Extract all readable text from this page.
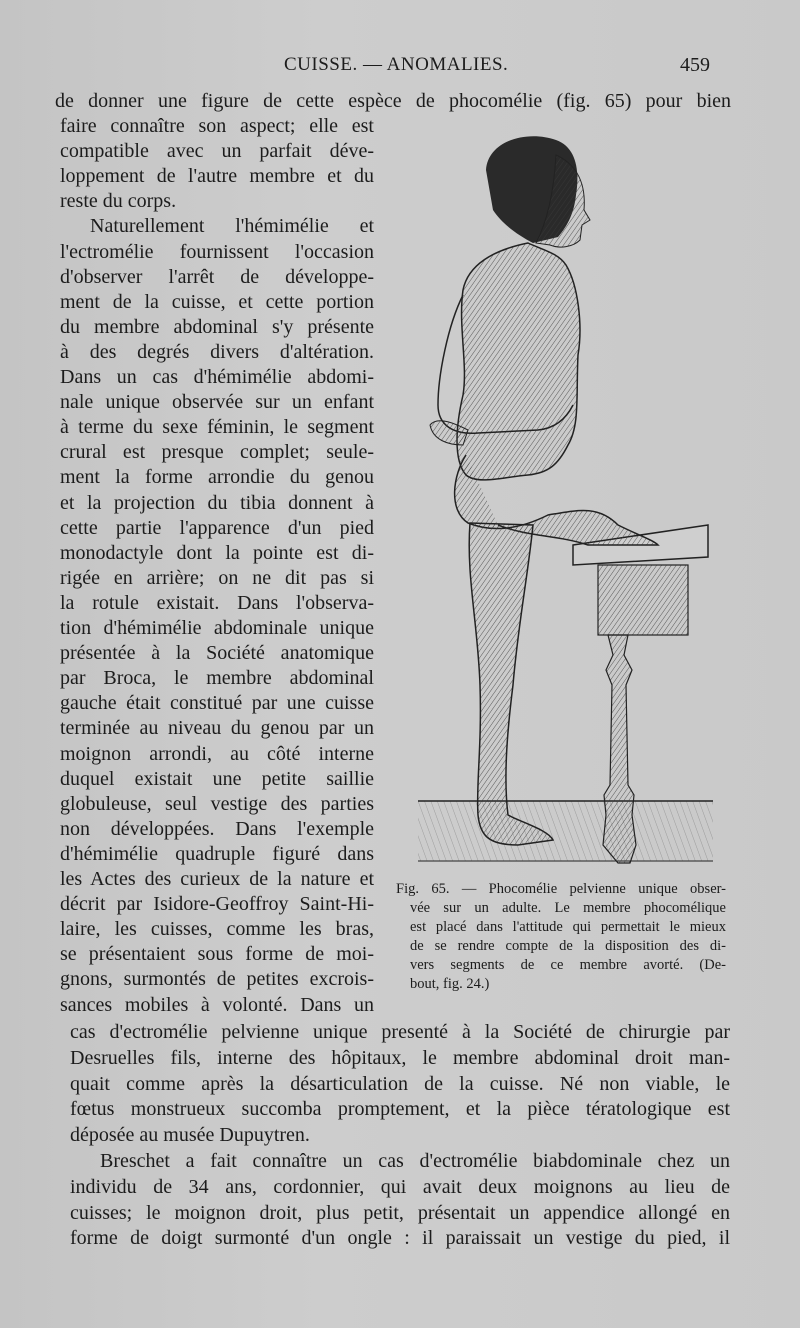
CUISSE. — ANOMALIES.	459
de donner une figure de cette espèce de phocomélie (fig. 65) pour bien
faire connaître son aspect; elle est
compatible avec un parfait déve-
loppement de l'autre membre et du
reste du corps.
Naturellement l'hémimélie et
l'ectromélie fournissent l'occasion
d'observer l'arrêt de développe-
ment de la cuisse, et cette portion
du membre abdominal s'y présente
à des degrés divers d'altération.
Dans un cas d'hémimélie abdomi-
nale unique observée sur un enfant
à terme du sexe féminin, le segment
crural est presque complet; seule-
ment la forme arrondie du genou
et la projection du tibia donnent à
cette partie l'apparence d'un pied
monodactyle dont la pointe est di-
rigée en arrière; on ne dit pas si
la rotule existait. Dans l'observa-
tion d'hémimélie abdominale unique
présentée à la Société anatomique
par Broca, le membre abdominal
gauche était constitué par une cuisse
terminée au niveau du genou par un
moignon arrondi, au côté interne
duquel existait une petite saillie
globuleuse, seul vestige des parties
non développées. Dans l'exemple
d'hémimélie quadruple figuré dans
les Actes des curieux de la nature et
décrit par Isidore-Geoffroy Saint-Hi-
laire, les cuisses, comme les bras,
se présentaient sous forme de moi-
gnons, surmontés de petites excrois-
sances mobiles à volonté. Dans un
Fig. 65. — Phocomélie pelvienne unique obser-
vée sur un adulte. Le membre phocomélique
est placé dans l'attitude qui permettait le mieux
de se rendre compte de la disposition des di-
vers segments de ce membre avorté. (De-
bout, fig. 24.)
cas d'ectromélie pelvienne unique presenté à la Société de chirurgie par
Desruelles fils, interne des hôpitaux, le membre abdominal droit man-
quait comme après la désarticulation de la cuisse. Né non viable, le
fœtus monstrueux succomba promptement, et la pièce tératologique est
déposée au musée Dupuytren.
Breschet a fait connaître un cas d'ectromélie biabdominale chez un
individu de 34 ans, cordonnier, qui avait deux moignons au lieu de
cuisses; le moignon droit, plus petit, présentait un appendice allongé en
forme de doigt surmonté d'un ongle : il paraissait un vestige du pied, il
